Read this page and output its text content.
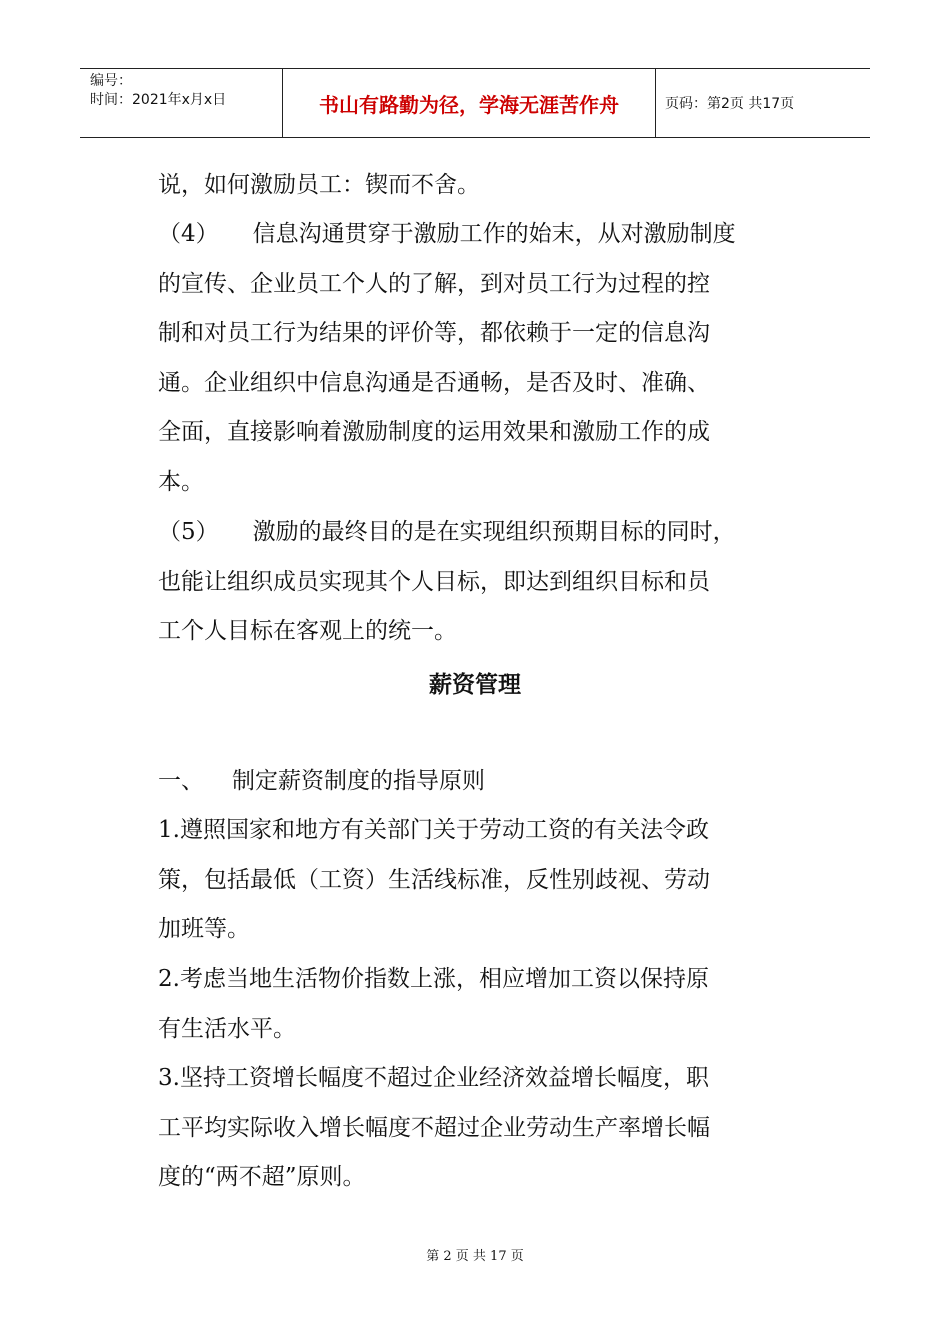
编号：
时间：2021年x月x日	书山有路勤为径，学海无涯苦作舟	页码：第2页 共17页
说，如何激励员工：锲而不舍。
（4） 信息沟通贯穿于激励工作的始末，从对激励制度
的宣传、企业员工个人的了解，到对员工行为过程的控
制和对员工行为结果的评价等，都依赖于一定的信息沟
通。企业组织中信息沟通是否通畅，是否及时、准确、
全面，直接影响着激励制度的运用效果和激励工作的成
本。
（5） 激励的最终目的是在实现组织预期目标的同时，
也能让组织成员实现其个人目标，即达到组织目标和员
工个人目标在客观上的统一。
薪资管理
一、 制定薪资制度的指导原则
1.遵照国家和地方有关部门关于劳动工资的有关法令政
策，包括最低（工资）生活线标准，反性别歧视、劳动
加班等。
2.考虑当地生活物价指数上涨，相应增加工资以保持原
有生活水平。
3.坚持工资增长幅度不超过企业经济效益增长幅度，职
工平均实际收入增长幅度不超过企业劳动生产率增长幅
度的“两不超”原则。
第 2 页 共 17 页
